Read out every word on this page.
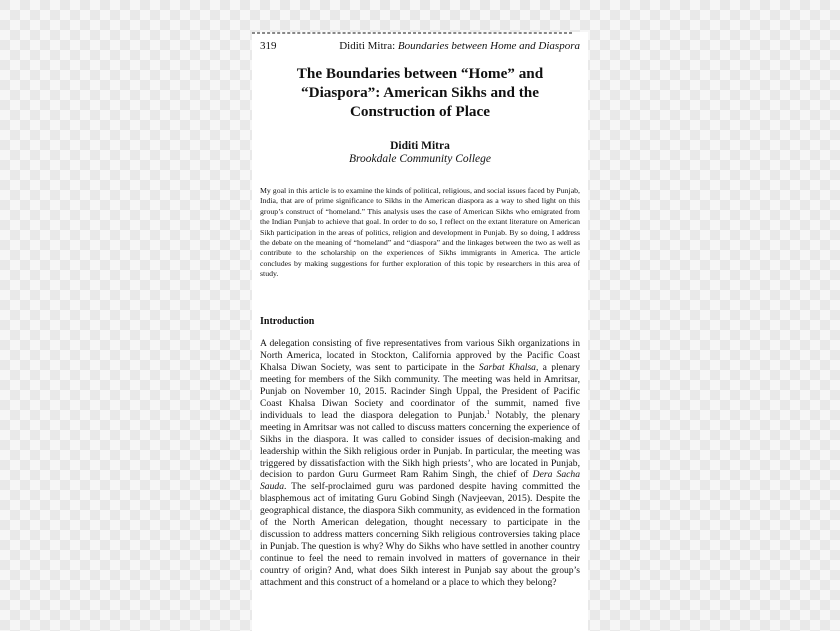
319	Diditi Mitra: Boundaries between Home and Diaspora
The Boundaries between “Home” and
“Diaspora”: American Sikhs and the
Construction of Place
Diditi Mitra
Brookdale Community College
My goal in this article is to examine the kinds of political, religious, and social issues faced by Punjab, India, that are of prime significance to Sikhs in the American diaspora as a way to shed light on this group’s construct of “homeland.” This analysis uses the case of American Sikhs who emigrated from the Indian Punjab to achieve that goal. In order to do so, I reflect on the extant literature on American Sikh participation in the areas of politics, religion and development in Punjab. By so doing, I address the debate on the meaning of “homeland” and “diaspora” and the linkages between the two as well as contribute to the scholarship on the experiences of Sikhs immigrants in America. The article concludes by making suggestions for further exploration of this topic by researchers in this area of study.
Introduction
A delegation consisting of five representatives from various Sikh organizations in North America, located in Stockton, California approved by the Pacific Coast Khalsa Diwan Society, was sent to participate in the Sarbat Khalsa, a plenary meeting for members of the Sikh community. The meeting was held in Amritsar, Punjab on November 10, 2015. Racinder Singh Uppal, the President of Pacific Coast Khalsa Diwan Society and coordinator of the summit, named five individuals to lead the diaspora delegation to Punjab.$^1$ Notably, the plenary meeting in Amritsar was not called to discuss matters concerning the experience of Sikhs in the diaspora. It was called to consider issues of decision-making and leadership within the Sikh religious order in Punjab. In particular, the meeting was triggered by dissatisfaction with the Sikh high priests’, who are located in Punjab, decision to pardon Guru Gurmeet Ram Rahim Singh, the chief of Dera Sacha Sauda. The self-proclaimed guru was pardoned despite having committed the blasphemous act of imitating Guru Gobind Singh (Navjeevan, 2015). Despite the geographical distance, the diaspora Sikh community, as evidenced in the formation of the North American delegation, thought necessary to participate in the discussion to address matters concerning Sikh religious controversies taking place in Punjab. The question is why? Why do Sikhs who have settled in another country continue to feel the need to remain involved in matters of governance in their country of origin? And, what does Sikh interest in Punjab say about the group’s attachment and this construct of a homeland or a place to which they belong?
